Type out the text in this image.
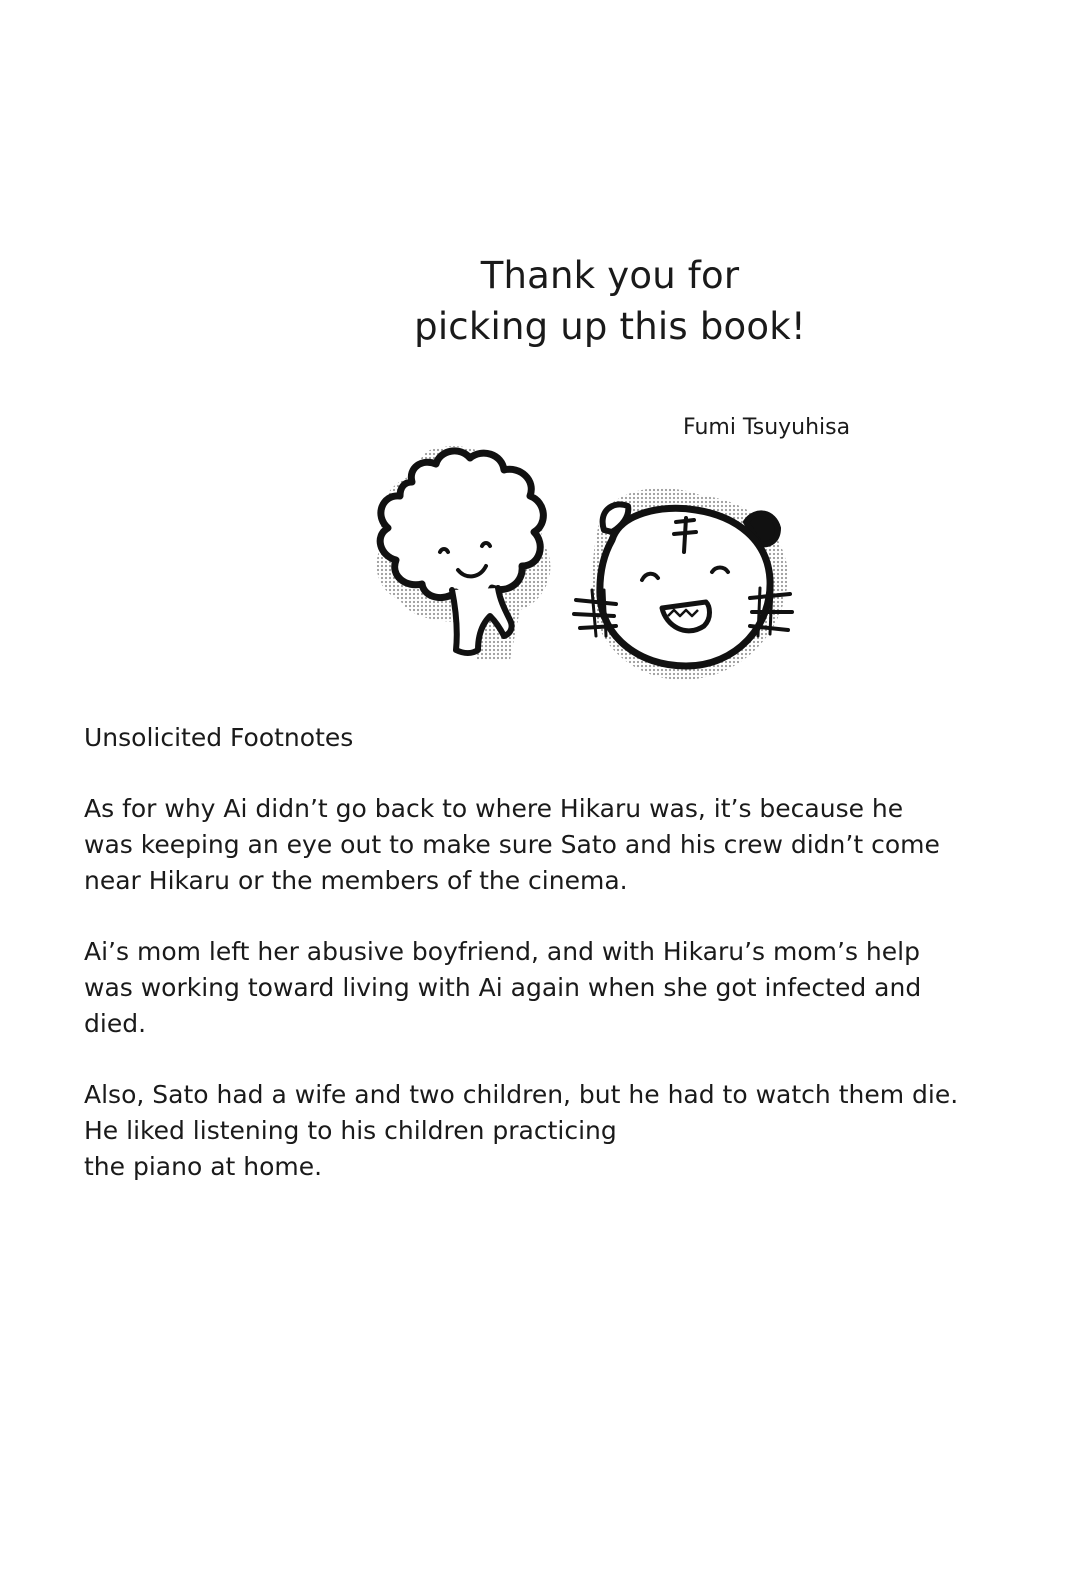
Thank you for
picking up this book!
Fumi Tsuyuhisa

Unsolicited Footnotes

As for why Ai didn’t go back to where Hikaru was, it’s because he
was keeping an eye out to make sure Sato and his crew didn’t come
near Hikaru or the members of the cinema.

Ai’s mom left her abusive boyfriend, and with Hikaru’s mom’s help
was working toward living with Ai again when she got infected and
died.

Also, Sato had a wife and two children, but he had to watch them die.
He liked listening to his children practicing
the piano at home.
